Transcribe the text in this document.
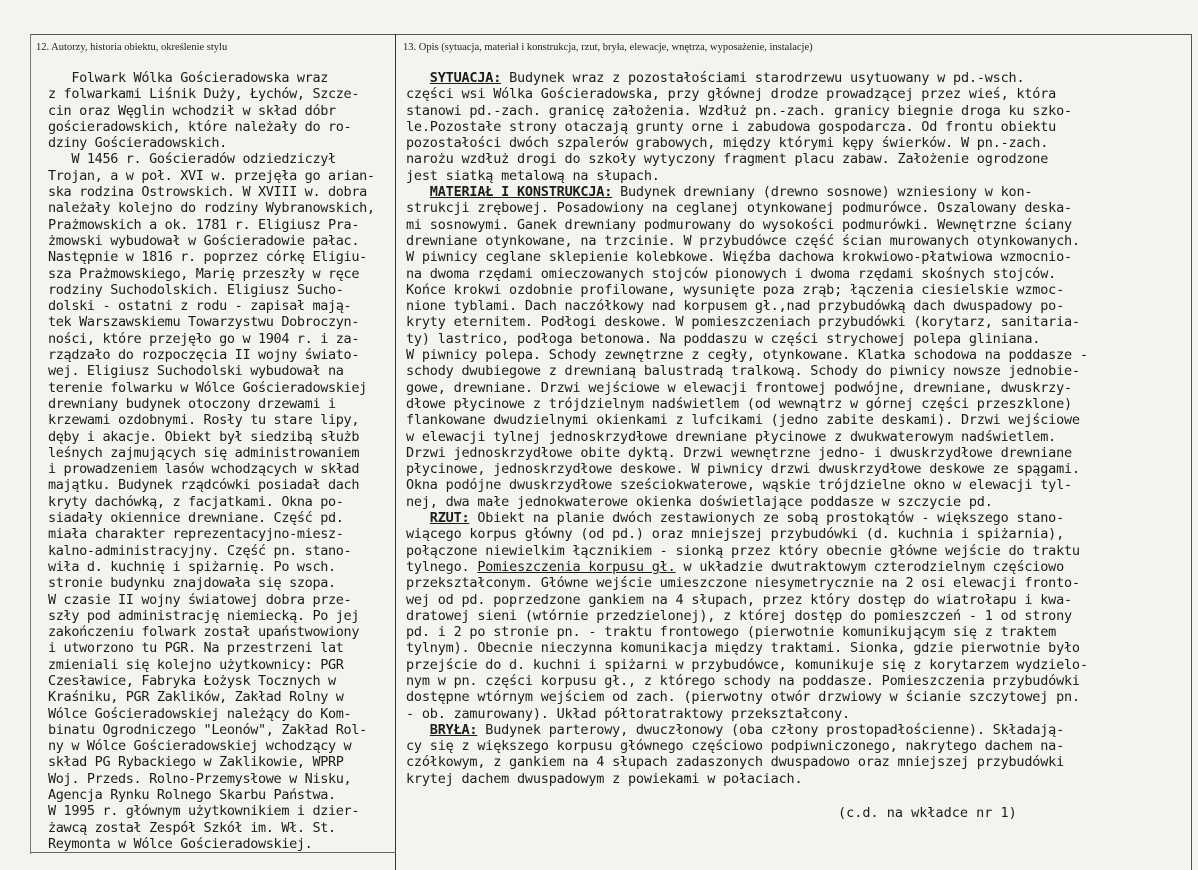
12. Autorzy, historia obiektu, określenie stylu	13. Opis (sytuacja, materiał i konstrukcja, rzut, bryła, elewacje, wnętrza, wyposażenie, instalacje)
Folwark Wólka Gościeradowska wraz
z folwarkami Liśnik Duży, Łychów, Szcze-
cin oraz Węglin wchodził w skład dóbr
gościeradowskich, które należały do ro-
dziny Gościeradowskich.
W 1456 r. Gościeradów odziedziczył
Trojan, a w poł. XVI w. przejęła go arian-
ska rodzina Ostrowskich. W XVIII w. dobra
należały kolejno do rodziny Wybranowskich,
Prażmowskich a ok. 1781 r. Eligiusz Pra-
żmowski wybudował w Gościeradowie pałac.
Następnie w 1816 r. poprzez córkę Eligiu-
sza Prażmowskiego, Marię przeszły w ręce
rodziny Suchodolskich. Eligiusz Sucho-
dolski - ostatni z rodu - zapisał mają-
tek Warszawskiemu Towarzystwu Dobroczyn-
ności, które przejęło go w 1904 r. i za-
rządzało do rozpoczęcia II wojny świato-
wej. Eligiusz Suchodolski wybudował na
terenie folwarku w Wólce Gościeradowskiej
drewniany budynek otoczony drzewami i
krzewami ozdobnymi. Rosły tu stare lipy,
dęby i akacje. Obiekt był siedzibą służb
leśnych zajmujących się administrowaniem
i prowadzeniem lasów wchodzących w skład
majątku. Budynek rządcówki posiadał dach
kryty dachówką, z facjatkami. Okna po-
siadały okiennice drewniane. Część pd.
miała charakter reprezentacyjno-miesz-
kalno-administracyjny. Część pn. stano-
wiła d. kuchnię i spiżarnię. Po wsch.
stronie budynku znajdowała się szopa.
W czasie II wojny światowej dobra prze-
szły pod administrację niemiecką. Po jej
zakończeniu folwark został upaństwowiony
i utworzono tu PGR. Na przestrzeni lat
zmieniali się kolejno użytkownicy: PGR
Czesławice, Fabryka Łożysk Tocznych w
Kraśniku, PGR Zaklików, Zakład Rolny w
Wólce Gościeradowskiej należący do Kom-
binatu Ogrodniczego "Leonów", Zakład Rol-
ny w Wólce Gościeradowskiej wchodzący w
skład PG Rybackiego w Zaklikowie, WPRP
Woj. Przeds. Rolno-Przemysłowe w Nisku,
Agencja Rynku Rolnego Skarbu Państwa.
W 1995 r. głównym użytkownikiem i dzier-
żawcą został Zespół Szkół im. Wł. St.
Reymonta w Wólce Gościeradowskiej.
SYTUACJA: Budynek wraz z pozostałościami starodrzewu usytuowany w pd.-wsch.
części wsi Wólka Gościeradowska, przy głównej drodze prowadzącej przez wieś, która
stanowi pd.-zach. granicę założenia. Wzdłuż pn.-zach. granicy biegnie droga ku szko-
le.Pozostałe strony otaczają grunty orne i zabudowa gospodarcza. Od frontu obiektu
pozostałości dwóch szpalerów grabowych, między którymi kępy świerków. W pn.-zach.
narożu wzdłuż drogi do szkoły wytyczony fragment placu zabaw. Założenie ogrodzone
jest siatką metalową na słupach.
MATERIAŁ I KONSTRUKCJA: Budynek drewniany (drewno sosnowe) wzniesiony w kon-
strukcji zrębowej. Posadowiony na ceglanej otynkowanej podmurówce. Oszalowany deska-
mi sosnowymi. Ganek drewniany podmurowany do wysokości podmurówki. Wewnętrzne ściany
drewniane otynkowane, na trzcinie. W przybudówce część ścian murowanych otynkowanych.
W piwnicy ceglane sklepienie kolebkowe. Więźba dachowa krokwiowo-płatwiowa wzmocnio-
na dwoma rzędami omieczowanych stojców pionowych i dwoma rzędami skośnych stojców.
Końce krokwi ozdobnie profilowane, wysunięte poza zrąb; łączenia ciesielskie wzmoc-
nione tyblami. Dach naczółkowy nad korpusem gł.,nad przybudówką dach dwuspadowy po-
kryty eternitem. Podłogi deskowe. W pomieszczeniach przybudówki (korytarz, sanitaria-
ty) lastrico, podłoga betonowa. Na poddaszu w części strychowej polepa gliniana.
W piwnicy polepa. Schody zewnętrzne z cegły, otynkowane. Klatka schodowa na poddasze -
schody dwubiegowe z drewnianą balustradą tralkową. Schody do piwnicy nowsze jednobie-
gowe, drewniane. Drzwi wejściowe w elewacji frontowej podwójne, drewniane, dwuskrzy-
dłowe płycinowe z trójdzielnym nadświetlem (od wewnątrz w górnej części przeszklone)
flankowane dwudzielnymi okienkami z lufcikami (jedno zabite deskami). Drzwi wejściowe
w elewacji tylnej jednoskrzydłowe drewniane płycinowe z dwukwaterowym nadświetlem.
Drzwi jednoskrzydłowe obite dyktą. Drzwi wewnętrzne jedno- i dwuskrzydłowe drewniane
płycinowe, jednoskrzydłowe deskowe. W piwnicy drzwi dwuskrzydłowe deskowe ze spągami.
Okna podójne dwuskrzydłowe sześciokwaterowe, wąskie trójdzielne okno w elewacji tyl-
nej, dwa małe jednokwaterowe okienka doświetlające poddasze w szczycie pd.
RZUT: Obiekt na planie dwóch zestawionych ze sobą prostokątów - większego stano-
wiącego korpus główny (od pd.) oraz mniejszej przybudówki (d. kuchnia i spiżarnia),
połączone niewielkim łącznikiem - sionką przez który obecnie główne wejście do traktu
tylnego. Pomieszczenia korpusu gł. w układzie dwutraktowym czterodzielnym częściowo
przekształconym. Główne wejście umieszczone niesymetrycznie na 2 osi elewacji fronto-
wej od pd. poprzedzone gankiem na 4 słupach, przez który dostęp do wiatrołapu i kwa-
dratowej sieni (wtórnie przedzielonej), z której dostęp do pomieszczeń - 1 od strony
pd. i 2 po stronie pn. - traktu frontowego (pierwotnie komunikującym się z traktem
tylnym). Obecnie nieczynna komunikacja między traktami. Sionka, gdzie pierwotnie było
przejście do d. kuchni i spiżarni w przybudówce, komunikuje się z korytarzem wydzielo-
nym w pn. części korpusu gł., z którego schody na poddasze. Pomieszczenia przybudówki
dostępne wtórnym wejściem od zach. (pierwotny otwór drzwiowy w ścianie szczytowej pn.
- ob. zamurowany). Układ półtoratraktowy przekształcony.
BRYŁA: Budynek parterowy, dwuczłonowy (oba człony prostopadłościenne). Składają-
cy się z większego korpusu głównego częściowo podpiwniczonego, nakrytego dachem na-
czółkowym, z gankiem na 4 słupach zadaszonych dwuspadowo oraz mniejszej przybudówki
krytej dachem dwuspadowym z powiekami w połaciach.
(c.d. na wkładce nr 1)
